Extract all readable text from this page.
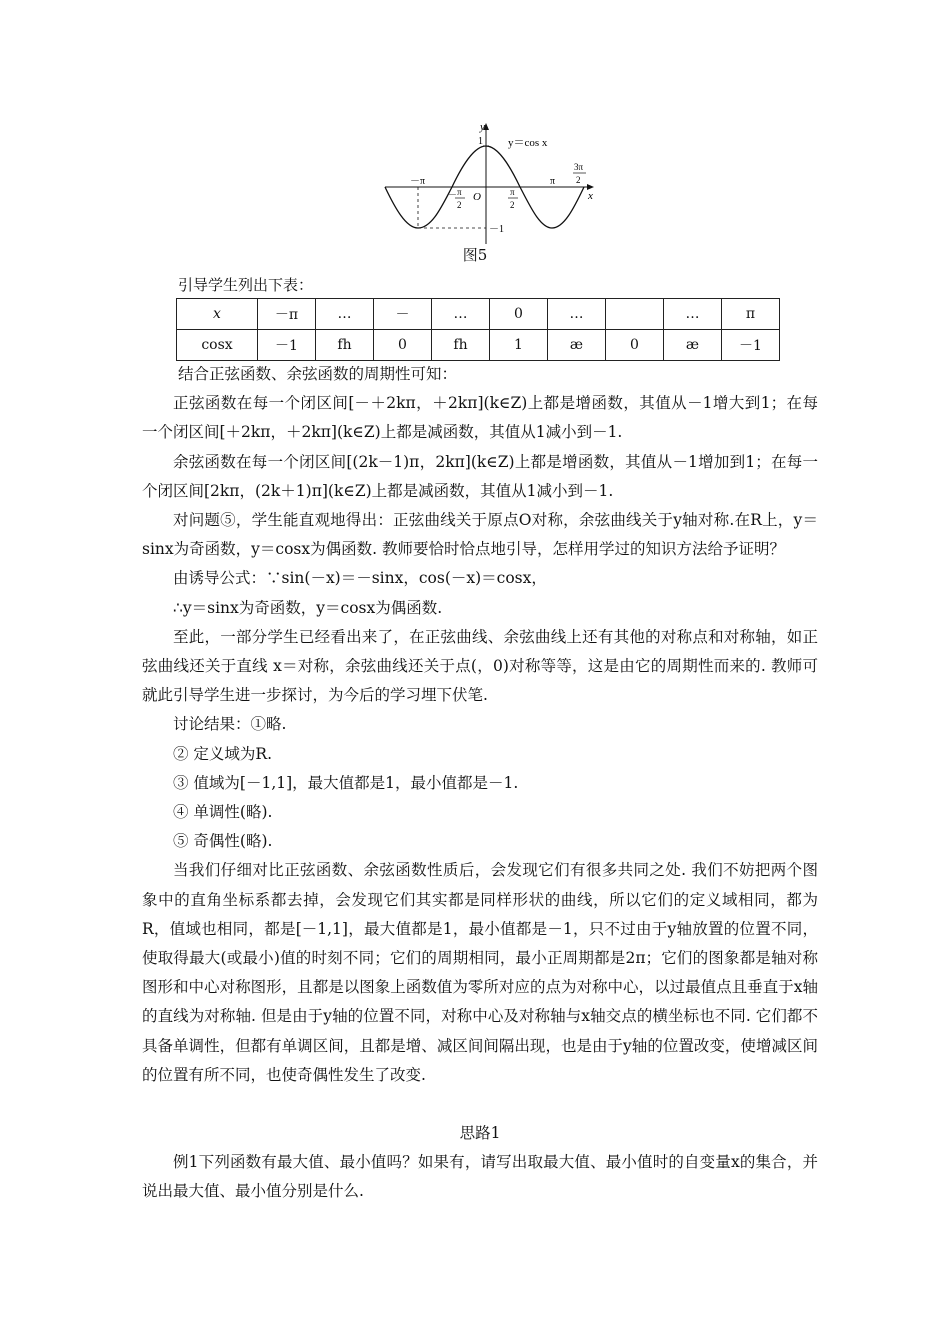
y
x
y＝cos x
1
O
－π
－ π
2
π
2
π
3π
2
－1
图5
引导学生列出下表：
x	－π	…	－	…	0	…		…	π
cosx	－1	fh	0	fh	1	æ	0	æ	－1

结合正弦函数、余弦函数的周期性可知：

正弦函数在每一个闭区间[－＋2kπ，＋2kπ](k∈Z)上都是增函数，其值从－1增大到1；在每一个闭区间[＋2kπ，＋2kπ](k∈Z)上都是减函数，其值从1减小到－1.

余弦函数在每一个闭区间[(2k－1)π，2kπ](k∈Z)上都是增函数，其值从－1增加到1；在每一个闭区间[2kπ，(2k＋1)π](k∈Z)上都是减函数，其值从1减小到－1.

对问题⑤，学生能直观地得出：正弦曲线关于原点O对称，余弦曲线关于y轴对称.在R上，y＝sinx为奇函数，y＝cosx为偶函数. 教师要恰时恰点地引导，怎样用学过的知识方法给予证明？

由诱导公式：∵sin(－x)＝－sinx，cos(－x)＝cosx，

∴y＝sinx为奇函数，y＝cosx为偶函数.

至此，一部分学生已经看出来了，在正弦曲线、余弦曲线上还有其他的对称点和对称轴，如正弦曲线还关于直线 x＝对称，余弦曲线还关于点(，0)对称等等，这是由它的周期性而来的. 教师可就此引导学生进一步探讨，为今后的学习埋下伏笔.

讨论结果：①略.

② 定义域为R.

③ 值域为[－1,1]，最大值都是1，最小值都是－1.

④ 单调性(略).

⑤ 奇偶性(略).

当我们仔细对比正弦函数、余弦函数性质后，会发现它们有很多共同之处. 我们不妨把两个图象中的直角坐标系都去掉，会发现它们其实都是同样形状的曲线，所以它们的定义域相同，都为R，值域也相同，都是[－1,1]，最大值都是1，最小值都是－1，只不过由于y轴放置的位置不同，使取得最大(或最小)值的时刻不同；它们的周期相同，最小正周期都是2π；它们的图象都是轴对称图形和中心对称图形，且都是以图象上函数值为零所对应的点为对称中心，以过最值点且垂直于x轴的直线为对称轴. 但是由于y轴的位置不同，对称中心及对称轴与x轴交点的横坐标也不同. 它们都不具备单调性，但都有单调区间，且都是增、减区间间隔出现，也是由于y轴的位置改变，使增减区间的位置有所不同，也使奇偶性发生了改变.

思路1

例1下列函数有最大值、最小值吗？如果有，请写出取最大值、最小值时的自变量x的集合，并说出最大值、最小值分别是什么.
